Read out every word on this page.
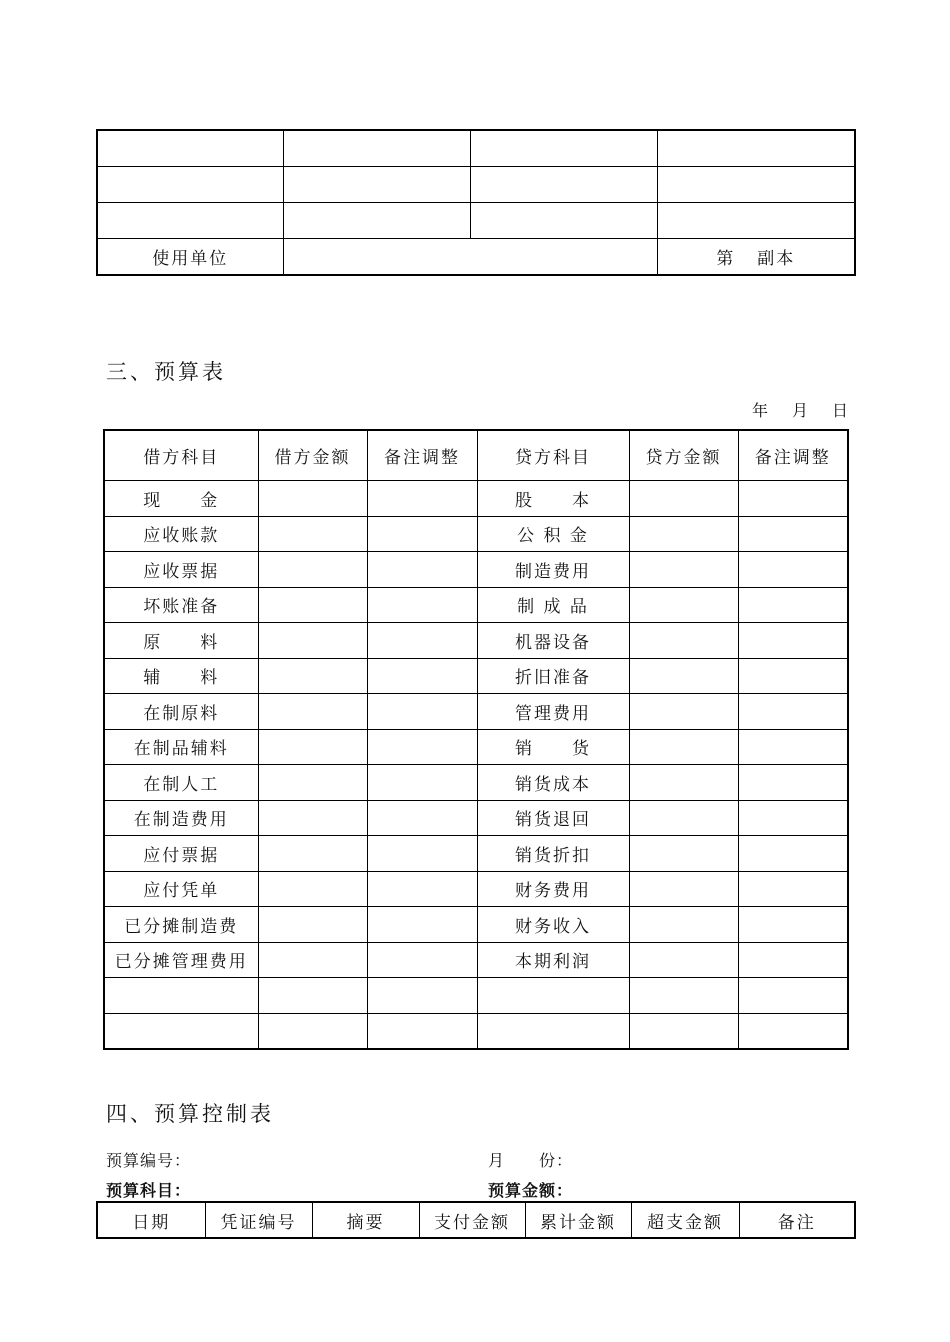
使用单位			第 副本
三、预算表
年 月 日
借方科目	借方金额	备注调整	贷方科目	贷方金额	备注调整
现　　金			股　　本		
应收账款			公 积 金		
应收票据			制造费用		
坏账准备			制 成 品		
原　　料			机器设备		
辅　　料			折旧准备		
在制原料			管理费用		
在制品辅料			销　　货		
在制人工			销货成本		
在制造费用			销货退回		
应付票据			销货折扣		
应付凭单			财务费用		
已分摊制造费			财务收入		
已分摊管理费用			本期利润		

四、预算控制表
预算编号：	月　　份：
预算科目：	预算金额：
日期	凭证编号	摘要	支付金额	累计金额	超支金额	备注
